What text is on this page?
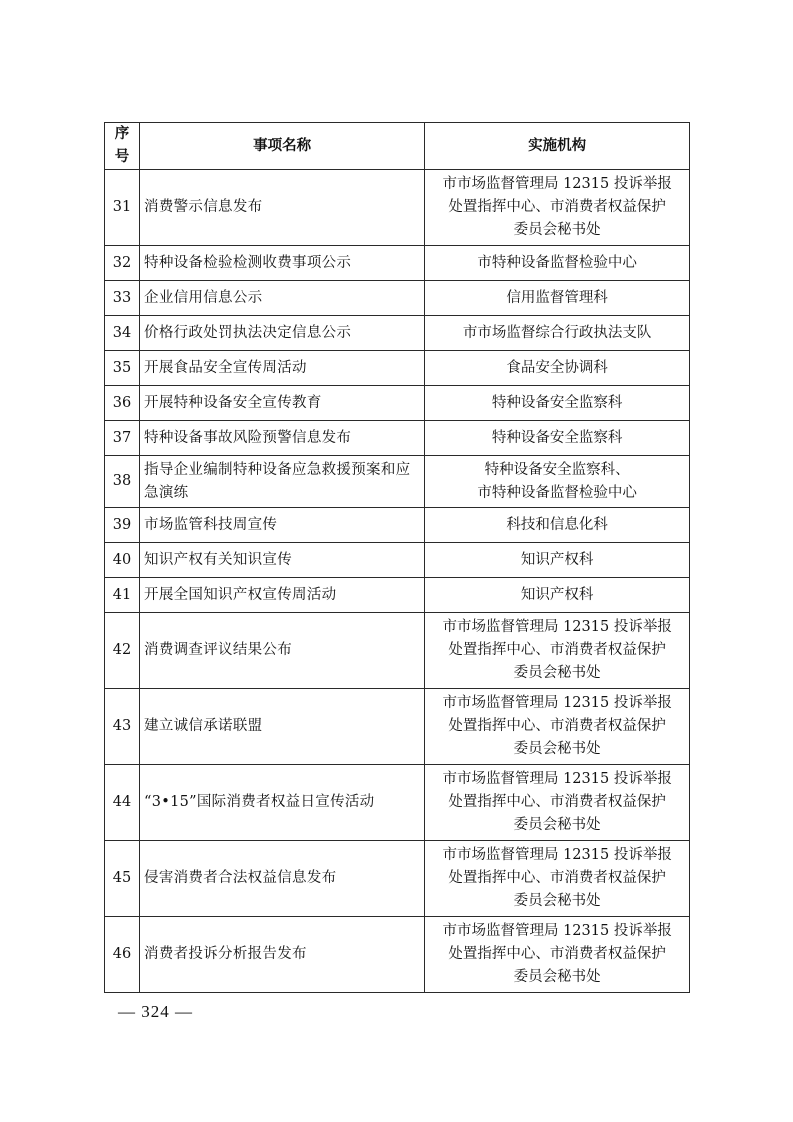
序号	事项名称	实施机构
31	消费警示信息发布	市市场监督管理局 12315 投诉举报
处置指挥中心、市消费者权益保护
委员会秘书处

32	特种设备检验检测收费事项公示	市特种设备监督检验中心

33	企业信用信息公示	信用监督管理科

34	价格行政处罚执法决定信息公示	市市场监督综合行政执法支队

35	开展食品安全宣传周活动	食品安全协调科

36	开展特种设备安全宣传教育	特种设备安全监察科

37	特种设备事故风险预警信息发布	特种设备安全监察科

38	指导企业编制特种设备应急救援预案和应急演练	特种设备安全监察科、
市特种设备监督检验中心

39	市场监管科技周宣传	科技和信息化科

40	知识产权有关知识宣传	知识产权科

41	开展全国知识产权宣传周活动	知识产权科

42	消费调查评议结果公布	市市场监督管理局 12315 投诉举报
处置指挥中心、市消费者权益保护
委员会秘书处

43	建立诚信承诺联盟	市市场监督管理局 12315 投诉举报
处置指挥中心、市消费者权益保护
委员会秘书处

44	“3•15”国际消费者权益日宣传活动	市市场监督管理局 12315 投诉举报
处置指挥中心、市消费者权益保护
委员会秘书处

45	侵害消费者合法权益信息发布	市市场监督管理局 12315 投诉举报
处置指挥中心、市消费者权益保护
委员会秘书处

46	消费者投诉分析报告发布	市市场监督管理局 12315 投诉举报
处置指挥中心、市消费者权益保护
委员会秘书处
— 324 —
